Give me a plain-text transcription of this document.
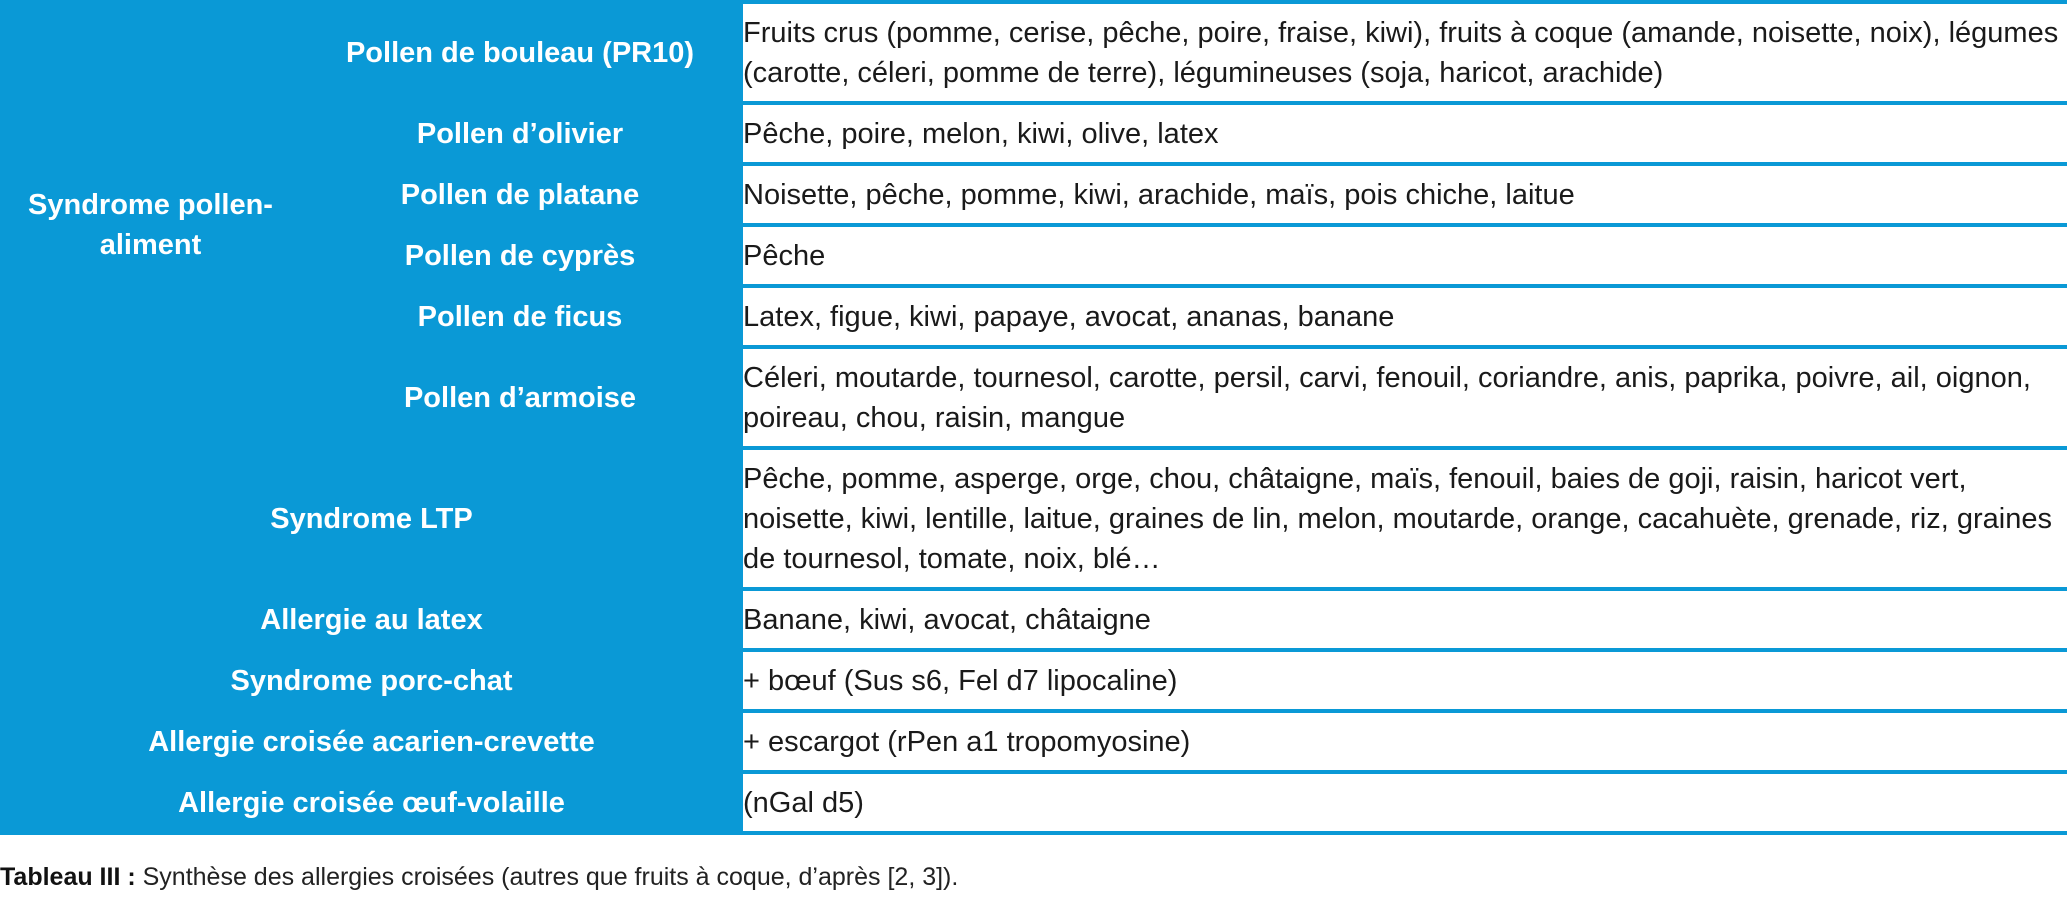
Syndrome pollen-aliment	Pollen de bouleau (PR10)	Fruits crus (pomme, cerise, pêche, poire, fraise, kiwi), fruits à coque (amande, noisette, noix), légumes (carotte, céleri, pomme de terre), légumineuses (soja, haricot, arachide)
	Pollen d’olivier	Pêche, poire, melon, kiwi, olive, latex
	Pollen de platane	Noisette, pêche, pomme, kiwi, arachide, maïs, pois chiche, laitue
	Pollen de cyprès	Pêche
	Pollen de ficus	Latex, figue, kiwi, papaye, avocat, ananas, banane
	Pollen d’armoise	Céleri, moutarde, tournesol, carotte, persil, carvi, fenouil, coriandre, anis, paprika, poivre, ail, oignon, poireau, chou, raisin, mangue
Syndrome LTP		Pêche, pomme, asperge, orge, chou, châtaigne, maïs, fenouil, baies de goji, raisin, haricot vert, noisette, kiwi, lentille, laitue, graines de lin, melon, moutarde, orange, cacahuète, grenade, riz, graines de tournesol, tomate, noix, blé…
Allergie au latex		Banane, kiwi, avocat, châtaigne
Syndrome porc-chat		+ bœuf (Sus s6, Fel d7 lipocaline)
Allergie croisée acarien-crevette		+ escargot (rPen a1 tropomyosine)
Allergie croisée œuf-volaille		(nGal d5)
Tableau III : Synthèse des allergies croisées (autres que fruits à coque, d’après [2, 3]).
